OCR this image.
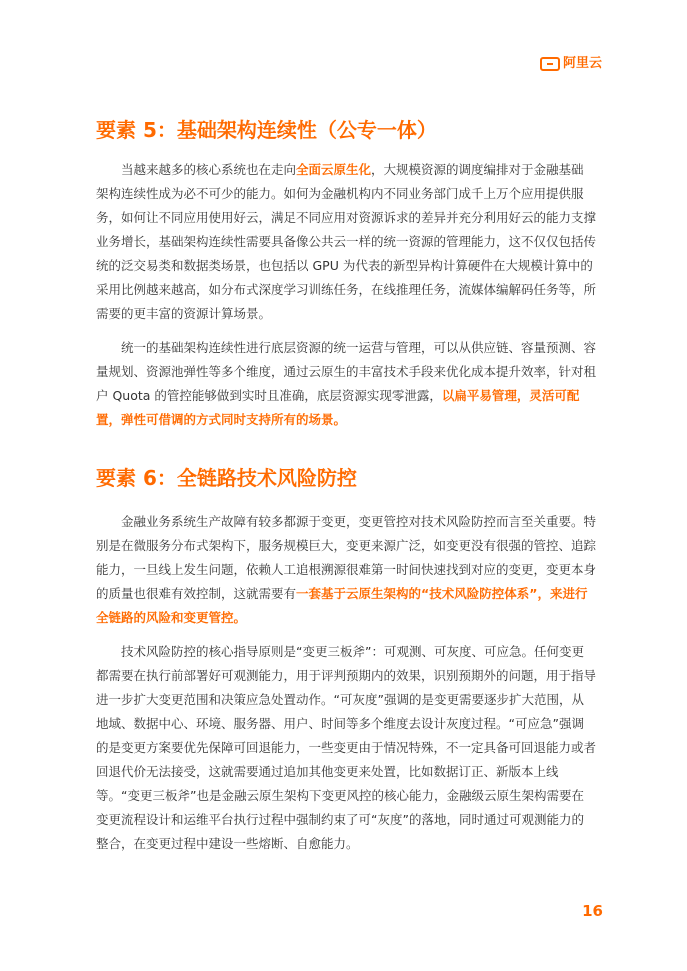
阿里云
要素 5：基础架构连续性（公专一体）

当越来越多的核心系统也在走向全面云原生化，大规模资源的调度编排对于金融基础架构连续性成为必不可少的能力。如何为金融机构内不同业务部门成千上万个应用提供服务，如何让不同应用使用好云，满足不同应用对资源诉求的差异并充分利用好云的能力支撑业务增长，基础架构连续性需要具备像公共云一样的统一资源的管理能力，这不仅仅包括传统的泛交易类和数据类场景，也包括以 GPU 为代表的新型异构计算硬件在大规模计算中的采用比例越来越高，如分布式深度学习训练任务，在线推理任务，流媒体编解码任务等，所需要的更丰富的资源计算场景。

统一的基础架构连续性进行底层资源的统一运营与管理，可以从供应链、容量预测、容量规划、资源池弹性等多个维度，通过云原生的丰富技术手段来优化成本提升效率，针对租户 Quota 的管控能够做到实时且准确，底层资源实现零泄露，以扁平易管理，灵活可配置，弹性可借调的方式同时支持所有的场景。

要素 6：全链路技术风险防控

金融业务系统生产故障有较多都源于变更，变更管控对技术风险防控而言至关重要。特别是在微服务分布式架构下，服务规模巨大，变更来源广泛，如变更没有很强的管控、追踪能力，一旦线上发生问题，依赖人工追根溯源很难第一时间快速找到对应的变更，变更本身的质量也很难有效控制，这就需要有一套基于云原生架构的“技术风险防控体系”，来进行全链路的风险和变更管控。

技术风险防控的核心指导原则是“变更三板斧”：可观测、可灰度、可应急。任何变更都需要在执行前部署好可观测能力，用于评判预期内的效果，识别预期外的问题，用于指导进一步扩大变更范围和决策应急处置动作。“可灰度”强调的是变更需要逐步扩大范围，从地域、数据中心、环境、服务器、用户、时间等多个维度去设计灰度过程。“可应急”强调的是变更方案要优先保障可回退能力，一些变更由于情况特殊，不一定具备可回退能力或者回退代价无法接受，这就需要通过追加其他变更来处置，比如数据订正、新版本上线等。“变更三板斧”也是金融云原生架构下变更风控的核心能力，金融级云原生架构需要在变更流程设计和运维平台执行过程中强制约束了可“灰度”的落地，同时通过可观测能力的整合，在变更过程中建设一些熔断、自愈能力。

16
